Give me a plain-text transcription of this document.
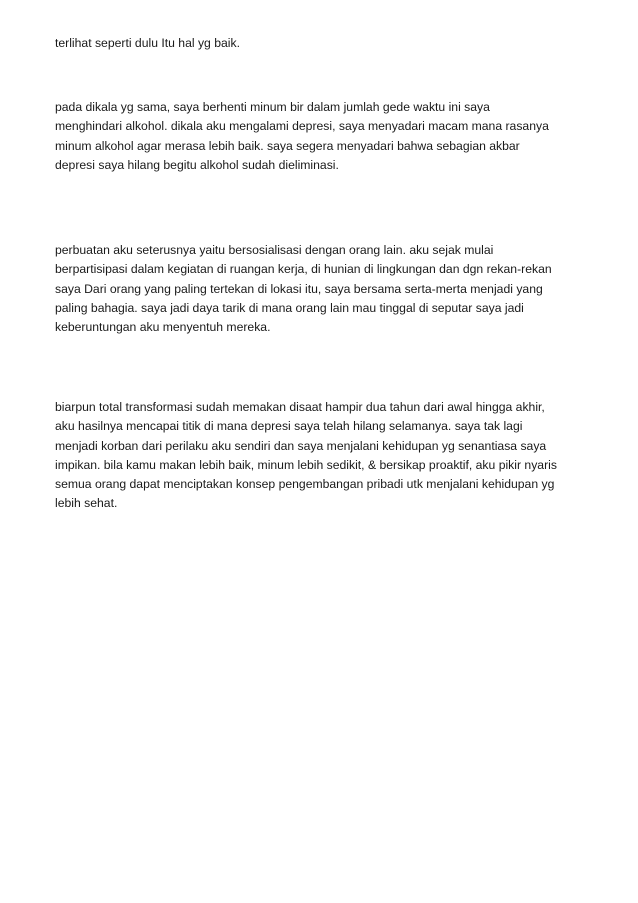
terlihat seperti dulu Itu hal yg baik.

pada dikala yg sama, saya berhenti minum bir dalam jumlah gede waktu ini saya
menghindari alkohol. dikala aku mengalami depresi, saya menyadari macam mana rasanya
minum alkohol agar merasa lebih baik. saya segera menyadari bahwa sebagian akbar
depresi saya hilang begitu alkohol sudah dieliminasi.

perbuatan aku seterusnya yaitu bersosialisasi dengan orang lain. aku sejak mulai
berpartisipasi dalam kegiatan di ruangan kerja, di hunian di lingkungan dan dgn rekan-rekan
saya Dari orang yang paling tertekan di lokasi itu, saya bersama serta-merta menjadi yang
paling bahagia. saya jadi daya tarik di mana orang lain mau tinggal di seputar saya jadi
keberuntungan aku menyentuh mereka.

biarpun total transformasi sudah memakan disaat hampir dua tahun dari awal hingga akhir,
aku hasilnya mencapai titik di mana depresi saya telah hilang selamanya. saya tak lagi
menjadi korban dari perilaku aku sendiri dan saya menjalani kehidupan yg senantiasa saya
impikan. bila kamu makan lebih baik, minum lebih sedikit, & bersikap proaktif, aku pikir nyaris
semua orang dapat menciptakan konsep pengembangan pribadi utk menjalani kehidupan yg
lebih sehat.
